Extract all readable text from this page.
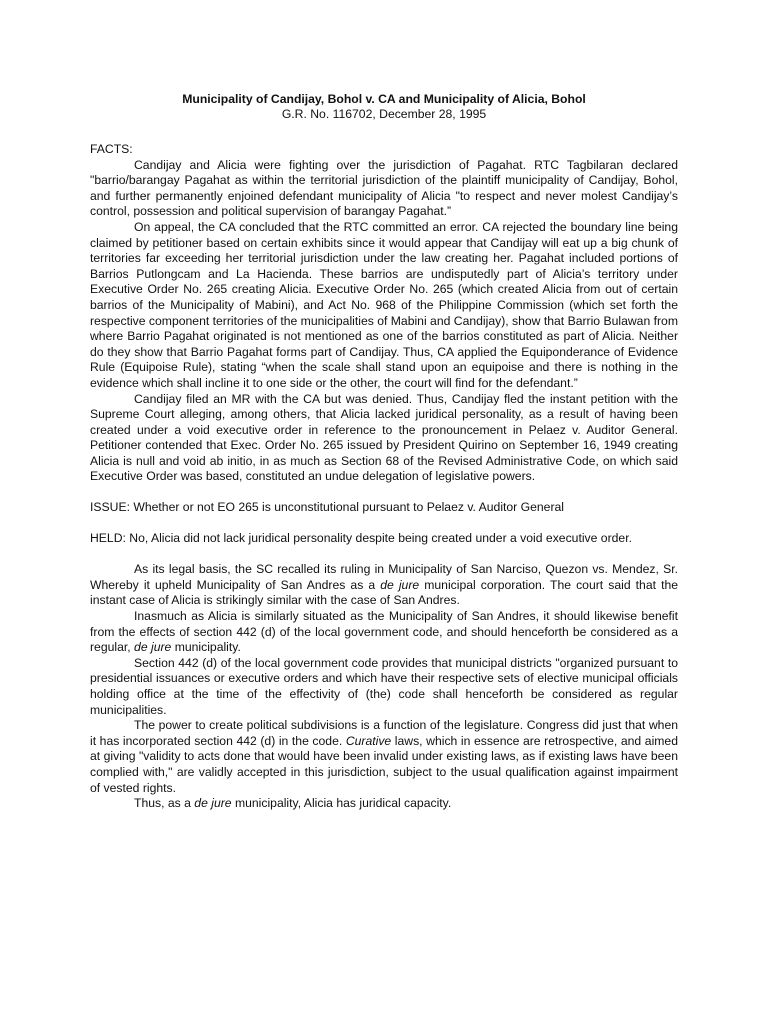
Municipality of Candijay, Bohol v. CA and Municipality of Alicia, Bohol

G.R. No. 116702, December 28, 1995

FACTS:

Candijay and Alicia were fighting over the jurisdiction of Pagahat. RTC Tagbilaran declared "barrio/barangay Pagahat as within the territorial jurisdiction of the plaintiff municipality of Candijay, Bohol, and further permanently enjoined defendant municipality of Alicia "to respect and never molest Candijay’s control, possession and political supervision of barangay Pagahat.”

On appeal, the CA concluded that the RTC committed an error. CA rejected the boundary line being claimed by petitioner based on certain exhibits since it would appear that Candijay will eat up a big chunk of territories far exceeding her territorial jurisdiction under the law creating her. Pagahat included portions of Barrios Putlongcam and La Hacienda. These barrios are undisputedly part of Alicia’s territory under Executive Order No. 265 creating Alicia. Executive Order No. 265 (which created Alicia from out of certain barrios of the Municipality of Mabini), and Act No. 968 of the Philippine Commission (which set forth the respective component territories of the municipalities of Mabini and Candijay), show that Barrio Bulawan from where Barrio Pagahat originated is not mentioned as one of the barrios constituted as part of Alicia. Neither do they show that Barrio Pagahat forms part of Candijay. Thus, CA applied the Equiponderance of Evidence Rule (Equipoise Rule), stating “when the scale shall stand upon an equipoise and there is nothing in the evidence which shall incline it to one side or the other, the court will find for the defendant.”

Candijay filed an MR with the CA but was denied. Thus, Candijay fled the instant petition with the Supreme Court alleging, among others, that Alicia lacked juridical personality, as a result of having been created under a void executive order in reference to the pronouncement in Pelaez v. Auditor General. Petitioner contended that Exec. Order No. 265 issued by President Quirino on September 16, 1949 creating Alicia is null and void ab initio, in as much as Section 68 of the Revised Administrative Code, on which said Executive Order was based, constituted an undue delegation of legislative powers.

ISSUE: Whether or not EO 265 is unconstitutional pursuant to Pelaez v. Auditor General

HELD: No, Alicia did not lack juridical personality despite being created under a void executive order.

As its legal basis, the SC recalled its ruling in Municipality of San Narciso, Quezon vs. Mendez, Sr. Whereby it upheld Municipality of San Andres as a de jure municipal corporation. The court said that the instant case of Alicia is strikingly similar with the case of San Andres.

Inasmuch as Alicia is similarly situated as the Municipality of San Andres, it should likewise benefit from the effects of section 442 (d) of the local government code, and should henceforth be considered as a regular, de jure municipality.

Section 442 (d) of the local government code provides that municipal districts "organized pursuant to presidential issuances or executive orders and which have their respective sets of elective municipal officials holding office at the time of the effectivity of (the) code shall henceforth be considered as regular municipalities.

The power to create political subdivisions is a function of the legislature. Congress did just that when it has incorporated section 442 (d) in the code. Curative laws, which in essence are retrospective, and aimed at giving "validity to acts done that would have been invalid under existing laws, as if existing laws have been complied with," are validly accepted in this jurisdiction, subject to the usual qualification against impairment of vested rights.

Thus, as a de jure municipality, Alicia has juridical capacity.
